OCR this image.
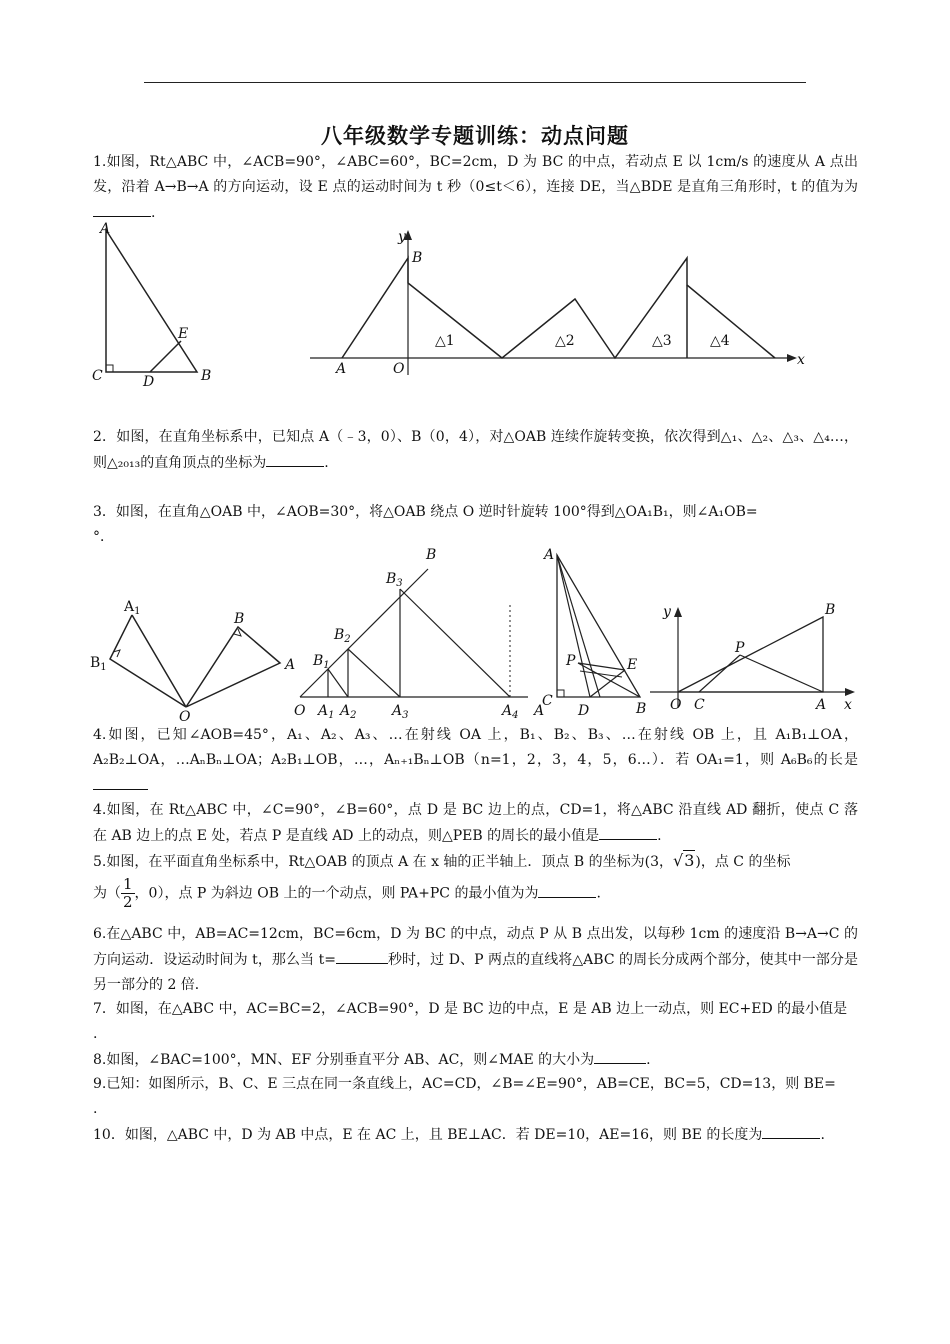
八年级数学专题训练：动点问题

1.如图，Rt△ABC 中，∠ACB=90°，∠ABC=60°，BC=2cm，D 为 BC 的中点，若动点 E 以 1cm/s 的速度从 A 点出发，沿着 A→B→A 的方向运动，设 E 点的运动时间为 t 秒（0≤t＜6），连接 DE，当△BDE 是直角三角形时，t 的值为为.

A
C	D	B
E
y
B
A	O
x
△1	△2	△3	△4

2．如图，在直角坐标系中，已知点 A（﹣3，0）、B（0，4），对△OAB 连续作旋转变换，依次得到△₁、△₂、△₃、△₄…，则△₂₀₁₃的直角顶点的坐标为	.

3．如图，在直角△OAB 中，∠AOB=30°，将△OAB 绕点 O 逆时针旋转 100°得到△OA₁B₁，则∠A₁OB=
°．

$A_1$
$B_1$
B
A
O
B
$B_3$
$B_2$
$B_1$
O $A_1$ $A_2$	$A_3$	$A_4$ A
A
P	E
C
D	B
y	B
P
O C	A x

4.如图，已知∠AOB=45°，A₁、A₂、A₃、…在射线 OA 上，B₁、B₂、B₃、…在射线 OB 上，且 A₁B₁⊥OA，A₂B₂⊥OA，…AₙBₙ⊥OA；A₂B₁⊥OB，…，Aₙ₊₁Bₙ⊥OB（n=1，2，3，4，5，6…）．若 OA₁=1，则 A₆B₆的长是

4.如图，在 Rt△ABC 中，∠C=90°，∠B=60°，点 D 是 BC 边上的点，CD=1，将△ABC 沿直线 AD 翻折，使点 C 落在 AB 边上的点 E 处，若点 P 是直线 AD 上的动点，则△PEB 的周长的最小值是	.

5.如图，在平面直角坐标系中，Rt△OAB 的顶点 A 在 x 轴的正半轴上．顶点 B 的坐标为(3，√3)，点 C 的坐标
为（ $\frac{1}{2}$ ，0），点 P 为斜边 OB 上的一个动点，则 PA+PC 的最小值为为	.

6.在△ABC 中，AB=AC=12cm，BC=6cm，D 为 BC 的中点，动点 P 从 B 点出发，以每秒 1cm 的速度沿 B→A→C 的方向运动．设运动时间为 t，那么当 t=	秒时，过 D、P 两点的直线将△ABC 的周长分成两个部分，使其中一部分是另一部分的 2 倍．

7．如图，在△ABC 中，AC=BC=2，∠ACB=90°，D 是 BC 边的中点，E 是 AB 边上一动点，则 EC+ED 的最小值是
.

8.如图，∠BAC=100°，MN、EF 分别垂直平分 AB、AC，则∠MAE 的大小为	.

9.已知：如图所示，B、C、E 三点在同一条直线上，AC=CD，∠B=∠E=90°，AB=CE，BC=5，CD=13，则 BE=
.

10．如图，△ABC 中，D 为 AB 中点，E 在 AC 上，且 BE⊥AC．若 DE=10，AE=16，则 BE 的长度为	.
